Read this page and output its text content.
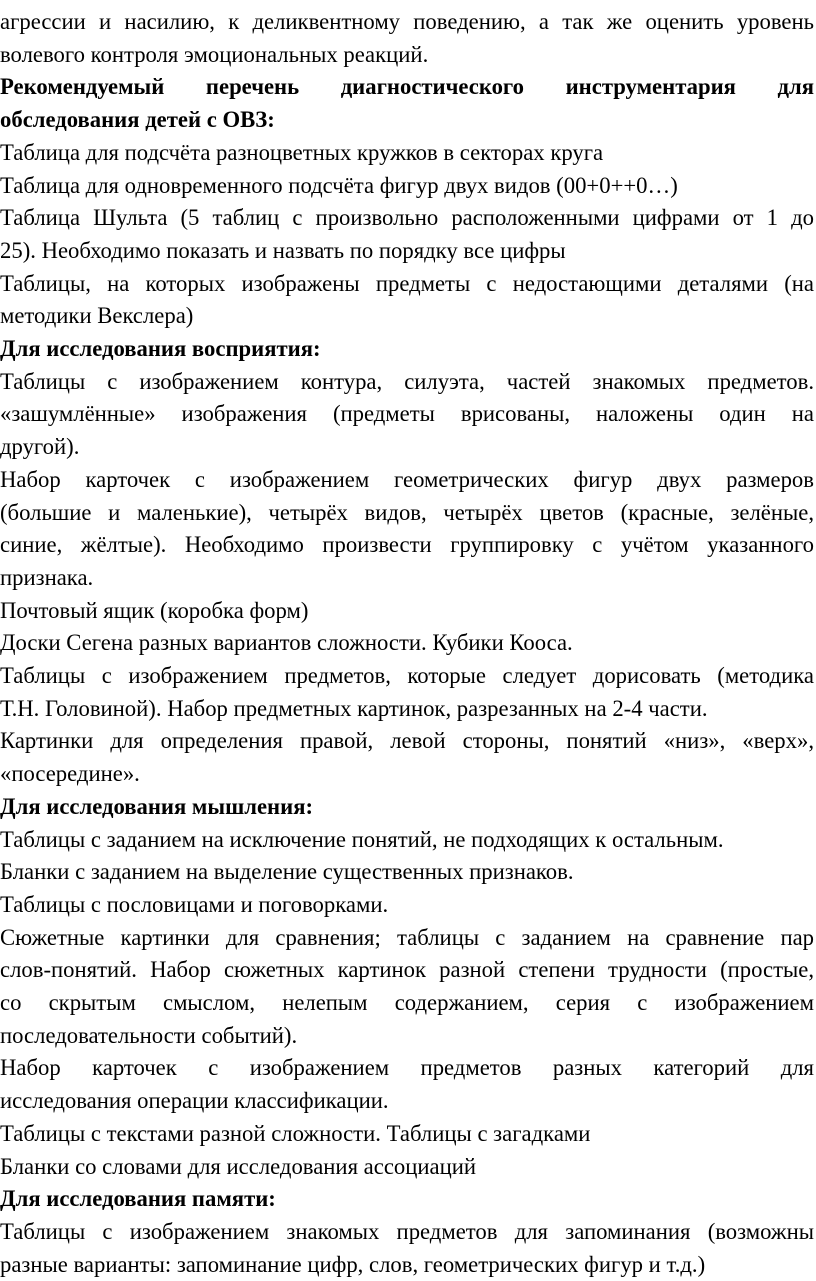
агрессии и насилию, к деликвентному поведению, а так же оценить уровень
волевого контроля эмоциональных реакций.
Рекомендуемый перечень диагностического инструментария для
обследования детей с ОВЗ:
Таблица для подсчёта разноцветных кружков в секторах круга
Таблица для одновременного подсчёта фигур двух видов (00+0++0…)
Таблица Шульта (5 таблиц с произвольно расположенными цифрами от 1 до
25). Необходимо показать и назвать по порядку все цифры
Таблицы, на которых изображены предметы с недостающими деталями (на
методики Векслера)
Для исследования восприятия:
Таблицы с изображением контура, силуэта, частей знакомых предметов.
«зашумлённые» изображения (предметы врисованы, наложены один на
другой).
Набор карточек с изображением геометрических фигур двух размеров
(большие и маленькие), четырёх видов, четырёх цветов (красные, зелёные,
синие, жёлтые). Необходимо произвести группировку с учётом указанного
признака.
Почтовый ящик (коробка форм)
Доски Сегена разных вариантов сложности. Кубики Кооса.
Таблицы с изображением предметов, которые следует дорисовать (методика
Т.Н. Головиной). Набор предметных картинок, разрезанных на 2-4 части.
Картинки для определения правой, левой стороны, понятий «низ», «верх»,
«посередине».
Для исследования мышления:
Таблицы с заданием на исключение понятий, не подходящих к остальным.
Бланки с заданием на выделение существенных признаков.
Таблицы с пословицами и поговорками.
Сюжетные картинки для сравнения; таблицы с заданием на сравнение пар
слов-понятий. Набор сюжетных картинок разной степени трудности (простые,
со скрытым смыслом, нелепым содержанием, серия с изображением
последовательности событий).
Набор карточек с изображением предметов разных категорий для
исследования операции классификации.
Таблицы с текстами разной сложности. Таблицы с загадками
Бланки со словами для исследования ассоциаций
Для исследования памяти:
Таблицы с изображением знакомых предметов для запоминания (возможны
разные варианты: запоминание цифр, слов, геометрических фигур и т.д.)
